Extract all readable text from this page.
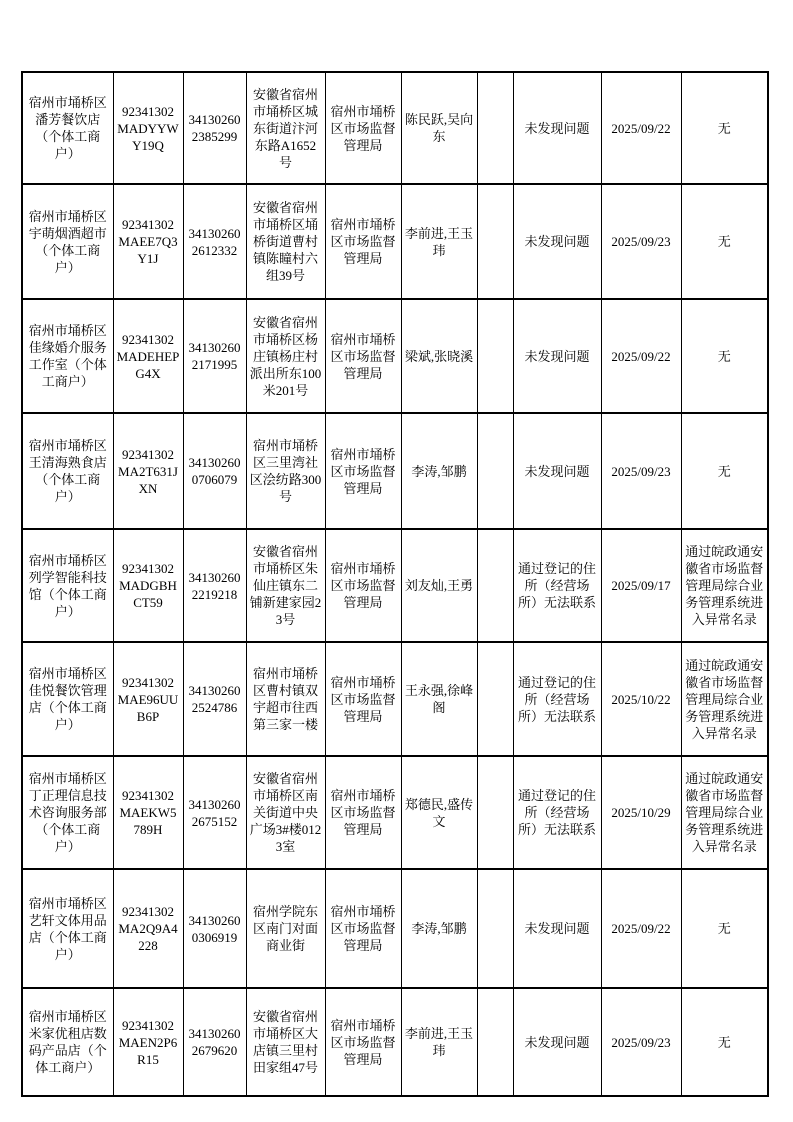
宿州市埇桥区潘芳餐饮店（个体工商户）	92341302MADYYWY19Q	341302602385299	安徽省宿州市埇桥区城东街道汴河东路A1652号	宿州市埇桥区市场监督管理局	陈民跃,吴向东		未发现问题	2025/09/22	无
宿州市埇桥区宇萌烟酒超市（个体工商户）	92341302MAEE7Q3Y1J	341302602612332	安徽省宿州市埇桥区埇桥街道曹村镇陈瞳村六组39号	宿州市埇桥区市场监督管理局	李前进,王玉玮		未发现问题	2025/09/23	无
宿州市埇桥区佳缘婚介服务工作室（个体工商户）	92341302MADEHEPG4X	341302602171995	安徽省宿州市埇桥区杨庄镇杨庄村派出所东100米201号	宿州市埇桥区市场监督管理局	梁斌,张晓溪		未发现问题	2025/09/22	无
宿州市埇桥区王清海熟食店（个体工商户）	92341302MA2T631JXN	341302600706079	宿州市埇桥区三里湾社区浍纺路300号	宿州市埇桥区市场监督管理局	李涛,邹鹏		未发现问题	2025/09/23	无
宿州市埇桥区列学智能科技馆（个体工商户）	92341302MADGBHCT59	341302602219218	安徽省宿州市埇桥区朱仙庄镇东二铺新建家园23号	宿州市埇桥区市场监督管理局	刘友灿,王勇		通过登记的住所（经营场所）无法联系	2025/09/17	通过皖政通安徽省市场监督管理局综合业务管理系统进入异常名录
宿州市埇桥区佳悦餐饮管理店（个体工商户）	92341302MAE96UUB6P	341302602524786	宿州市埇桥区曹村镇双宇超市往西第三家一楼	宿州市埇桥区市场监督管理局	王永强,徐峰阁		通过登记的住所（经营场所）无法联系	2025/10/22	通过皖政通安徽省市场监督管理局综合业务管理系统进入异常名录
宿州市埇桥区丁正理信息技术咨询服务部（个体工商户）	92341302MAEKW5789H	341302602675152	安徽省宿州市埇桥区南关街道中央广场3#楼0123室	宿州市埇桥区市场监督管理局	郑德民,盛传文		通过登记的住所（经营场所）无法联系	2025/10/29	通过皖政通安徽省市场监督管理局综合业务管理系统进入异常名录
宿州市埇桥区艺轩文体用品店（个体工商户）	92341302MA2Q9A4228	341302600306919	宿州学院东区南门对面商业街	宿州市埇桥区市场监督管理局	李涛,邹鹏		未发现问题	2025/09/22	无
宿州市埇桥区米家优租店数码产品店（个体工商户）	92341302MAEN2P6R15	341302602679620	安徽省宿州市埇桥区大店镇三里村田家组47号	宿州市埇桥区市场监督管理局	李前进,王玉玮		未发现问题	2025/09/23	无
